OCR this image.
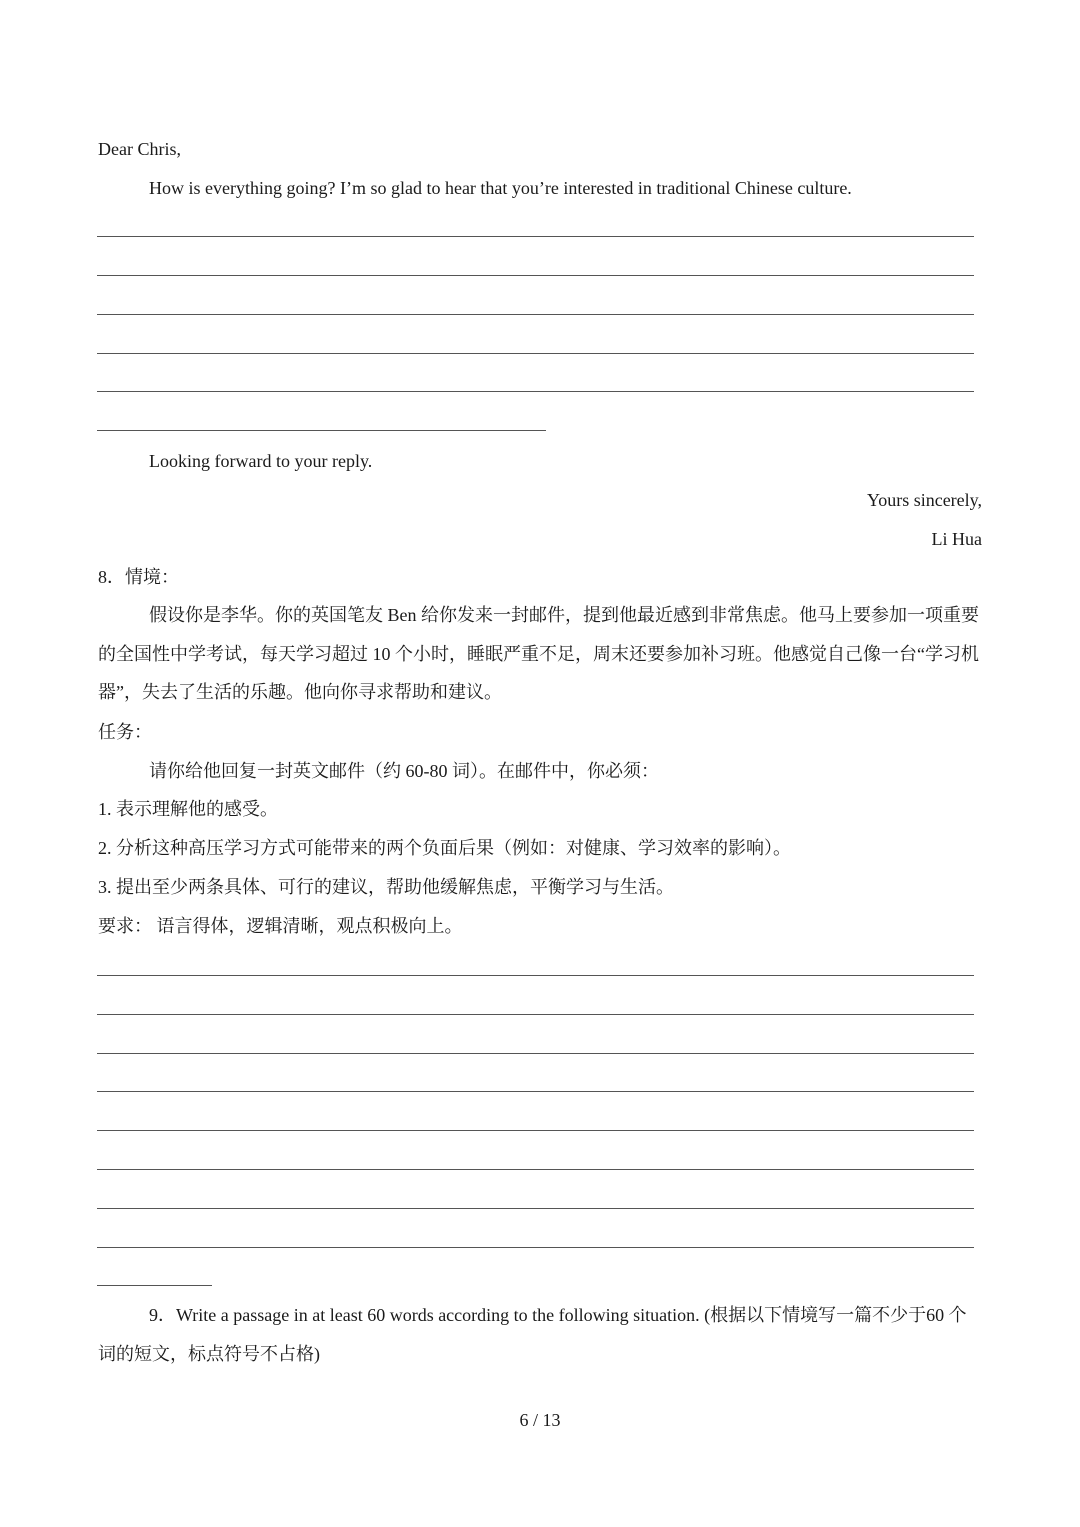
Dear Chris,
How is everything going? I’m so glad to hear that you’re interested in traditional Chinese culture.
Looking forward to your reply.
Yours sincerely,
Li Hua
8．情境：
假设你是李华。你的英国笔友 Ben 给你发来一封邮件，提到他最近感到非常焦虑。他马上要参加一项重要的全国性中学考试，每天学习超过 10 个小时，睡眠严重不足，周末还要参加补习班。他感觉自己像一台“学习机器”，失去了生活的乐趣。他向你寻求帮助和建议。
任务：
请你给他回复一封英文邮件（约 60-80 词）。在邮件中，你必须：
1. 表示理解他的感受。
2. 分析这种高压学习方式可能带来的两个负面后果（例如：对健康、学习效率的影响）。
3. 提出至少两条具体、可行的建议，帮助他缓解焦虑，平衡学习与生活。
要求： 语言得体，逻辑清晰，观点积极向上。
9．Write a passage in at least 60 words according to the following situation. (根据以下情境写一篇不少于60 个词的短文，标点符号不占格)
6 / 13
